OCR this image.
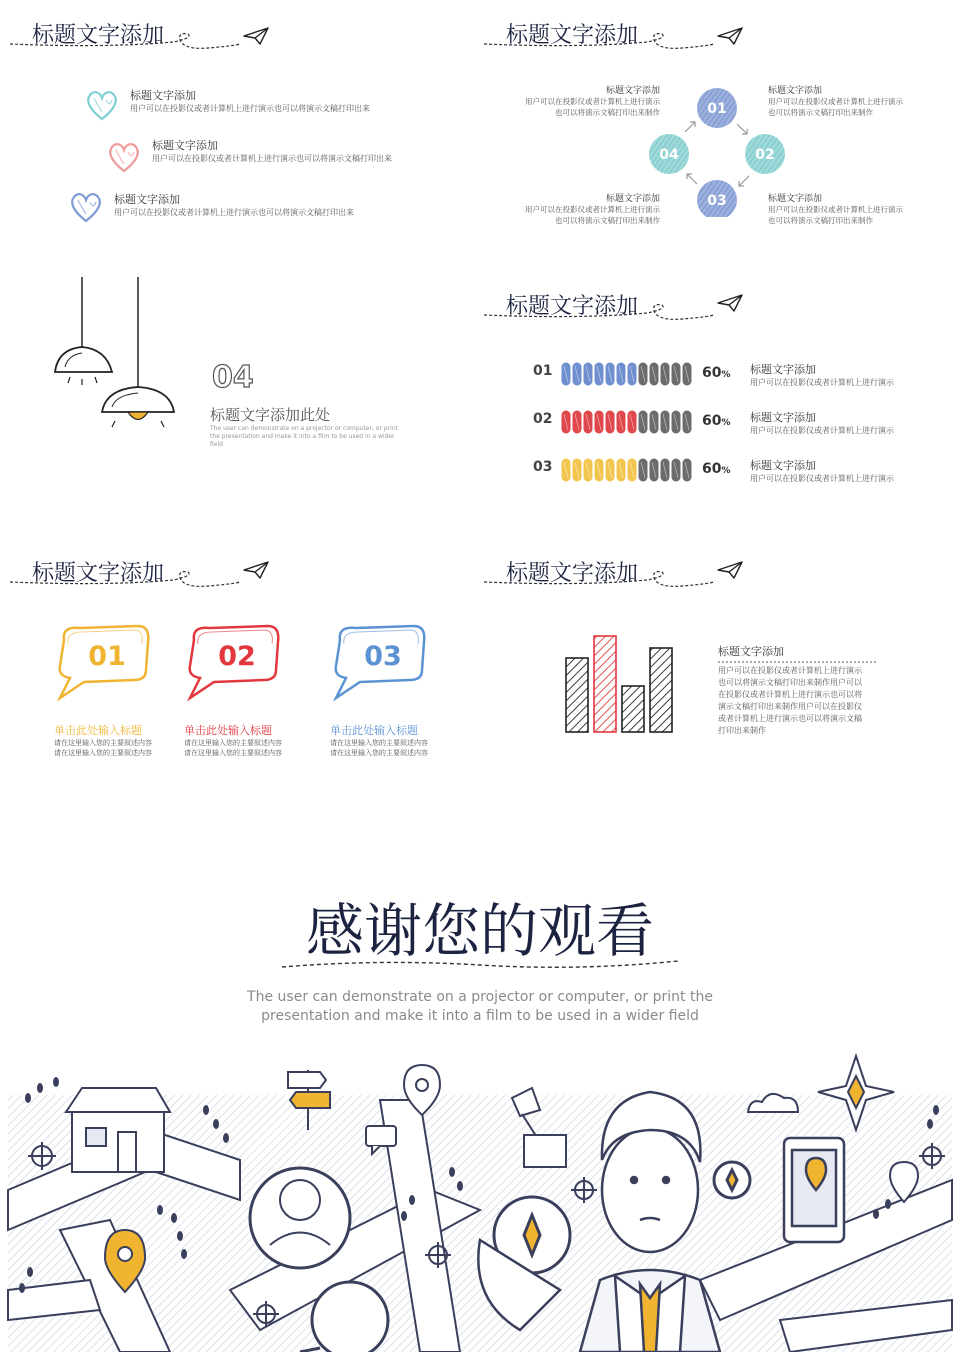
标题文字添加
标题文字添加
用户可以在投影仪或者计算机上进行演示也可以将演示文稿打印出来
标题文字添加
用户可以在投影仪或者计算机上进行演示也可以将演示文稿打印出来
标题文字添加
用户可以在投影仪或者计算机上进行演示也可以将演示文稿打印出来
标题文字添加
01
02
03
04
标题文字添加
用户可以在投影仪或者计算机上进行演示也可以将演示文稿打印出来制作
标题文字添加
用户可以在投影仪或者计算机上进行演示也可以将演示文稿打印出来制作
标题文字添加
用户可以在投影仪或者计算机上进行演示也可以将演示文稿打印出来制作
标题文字添加
用户可以在投影仪或者计算机上进行演示也可以将演示文稿打印出来制作
04
标题文字添加此处
The user can demonstrate on a projector or computer, or print the presentation and make it into a film to be used in a wider field
标题文字添加
01	60% 标题文字添加
用户可以在投影仪或者计算机上进行演示
02	60% 标题文字添加
用户可以在投影仪或者计算机上进行演示
03	60% 标题文字添加
用户可以在投影仪或者计算机上进行演示
标题文字添加
01
单击此处输入标题
请在这里输入您的主要叙述内容
请在这里输入您的主要叙述内容
02
单击此处输入标题
请在这里输入您的主要叙述内容
请在这里输入您的主要叙述内容
03
单击此处输入标题
请在这里输入您的主要叙述内容
请在这里输入您的主要叙述内容
标题文字添加
标题文字添加
用户可以在投影仪或者计算机上进行演示
也可以将演示文稿打印出来制作用户可以
在投影仪或者计算机上进行演示也可以将
演示文稿打印出来制作用户可以在投影仪
或者计算机上进行演示也可以将演示文稿
打印出来制作
感谢您的观看
The user can demonstrate on a projector or computer, or print the
presentation and make it into a film to be used in a wider field
